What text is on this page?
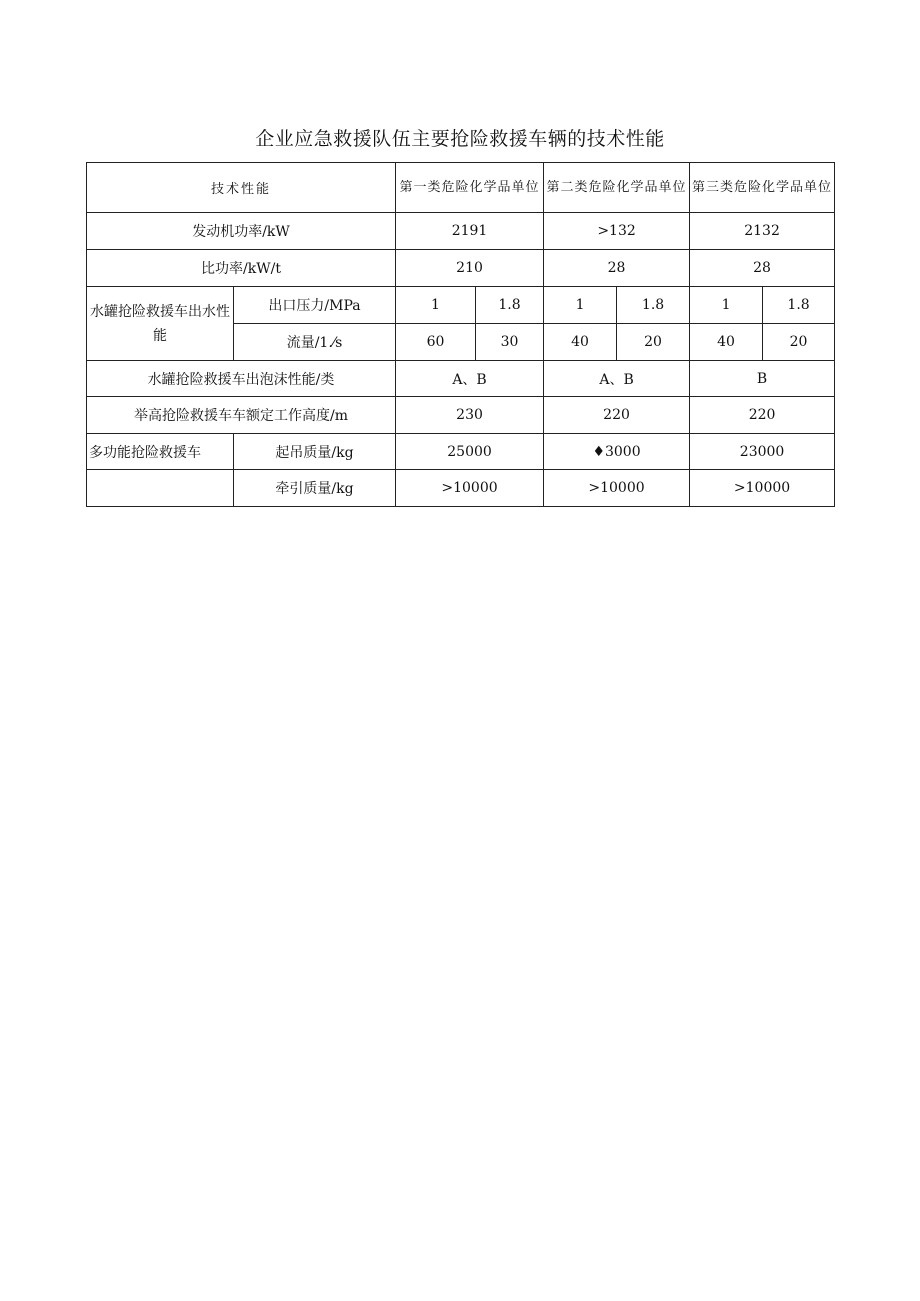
企业应急救援队伍主要抢险救援车辆的技术性能
技术性能		第一类危险化学品单位		第二类危险化学品单位		第三类危险化学品单位	
发动机功率/kW		2191		>132		2132	
比功率/kW/t		210		28		28	
水罐抢险救援车出水性能	出口压力/MPa	1	1.8	1	1.8	1	1.8
	流量/1.⁄s	60	30	40	20	40	20
水罐抢险救援车出泡沫性能/类		A、B		A、B		B	
举高抢险救援车车额定工作高度/m		230		220		220	
多功能抢险救援车	起吊质量/kg	25000		♦3000		23000	
	牵引质量/kg	>10000		>10000		>10000	
